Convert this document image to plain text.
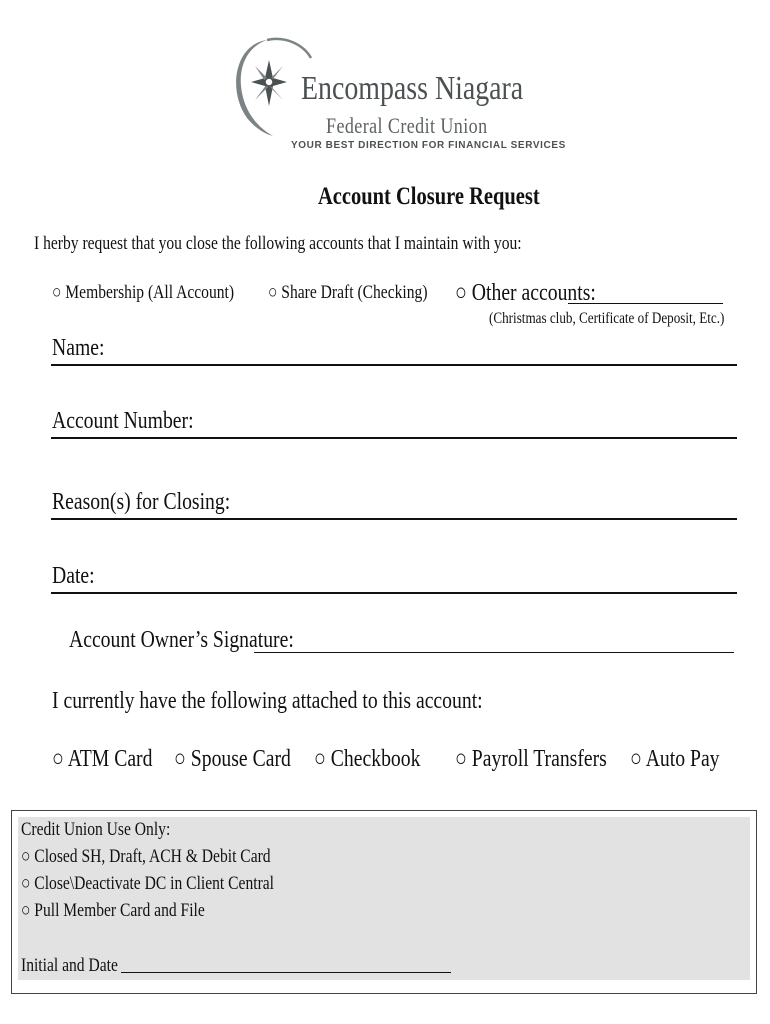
Encompass Niagara
Federal Credit Union
YOUR BEST DIRECTION FOR FINANCIAL SERVICES
Account Closure Request
I herby request that you close the following accounts that I maintain with you:
○ Membership (All Account)	○ Share Draft (Checking)	○ Other accounts:
(Christmas club, Certificate of Deposit, Etc.)
Name:
Account Number:
Reason(s) for Closing:
Date:
Account Owner’s Signature:
I currently have the following attached to this account:
○ ATM Card ○ Spouse Card ○ Checkbook	○ Payroll Transfers ○ Auto Pay
Credit Union Use Only:
○ Closed SH, Draft, ACH & Debit Card
○ Close\Deactivate DC in Client Central
○ Pull Member Card and File
Initial and Date
